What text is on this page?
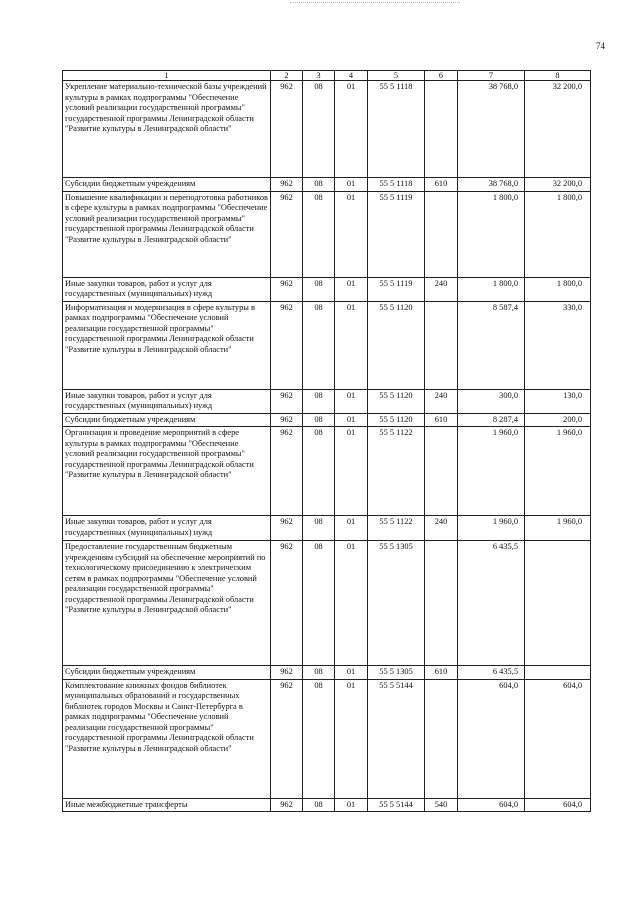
74
1	2	3	4	5	6	7	8
Укрепление материально-технической базы учреждений культуры в рамках подпрограммы "Обеспечение условий реализации государственной программы" государственной программы Ленинградской области "Развитие культуры в Ленинградской области"	962	08	01	55 5 1118		38 768,0	32 200,0
Субсидии бюджетным учреждениям	962	08	01	55 5 1118	610	38 768,0	32 200,0
Повышение квалификации и переподготовка работников в сфере культуры в рамках подпрограммы "Обеспечение условий реализации государственной программы" государственной программы Ленинградской области "Развитие культуры в Ленинградской области"	962	08	01	55 5 1119		1 800,0	1 800,0
Иные закупки товаров, работ и услуг для государственных (муниципальных) нужд	962	08	01	55 5 1119	240	1 800,0	1 800,0
Информатизация и модернизация в сфере культуры в рамках подпрограммы "Обеспечение условий реализации государственной программы" государственной программы Ленинградской области "Развитие культуры в Ленинградской области"	962	08	01	55 5 1120		8 587,4	330,0
Иные закупки товаров, работ и услуг для государственных (муниципальных) нужд	962	08	01	55 5 1120	240	300,0	130,0
Субсидии бюджетным учреждениям	962	08	01	55 5 1120	610	8 287,4	200,0
Организация и проведение мероприятий в сфере культуры в рамках подпрограммы "Обеспечение условий реализации государственной программы" государственной программы Ленинградской области "Развитие культуры в Ленинградской области"	962	08	01	55 5 1122		1 960,0	1 960,0
Иные закупки товаров, работ и услуг для государственных (муниципальных) нужд	962	08	01	55 5 1122	240	1 960,0	1 960,0
Предоставление государственным бюджетным учреждениям субсидий на обеспечение мероприятий по технологическому присоединению к электрическим сетям в рамках подпрограммы "Обеспечение условий реализации государственной программы" государственной программы Ленинградской области "Развитие культуры в Ленинградской области"	962	08	01	55 5 1305		6 435,5	
Субсидии бюджетным учреждениям	962	08	01	55 5 1305	610	6 435,5	
Комплектование книжных фондов библиотек муниципальных образований и государственных библиотек городов Москвы и Санкт-Петербурга в рамках подпрограммы "Обеспечение условий реализации государственной программы" государственной программы Ленинградской области "Развитие культуры в Ленинградской области"	962	08	01	55 5 5144		604,0	604,0
Иные межбюджетные трансферты	962	08	01	55 5 5144	540	604,0	604,0
